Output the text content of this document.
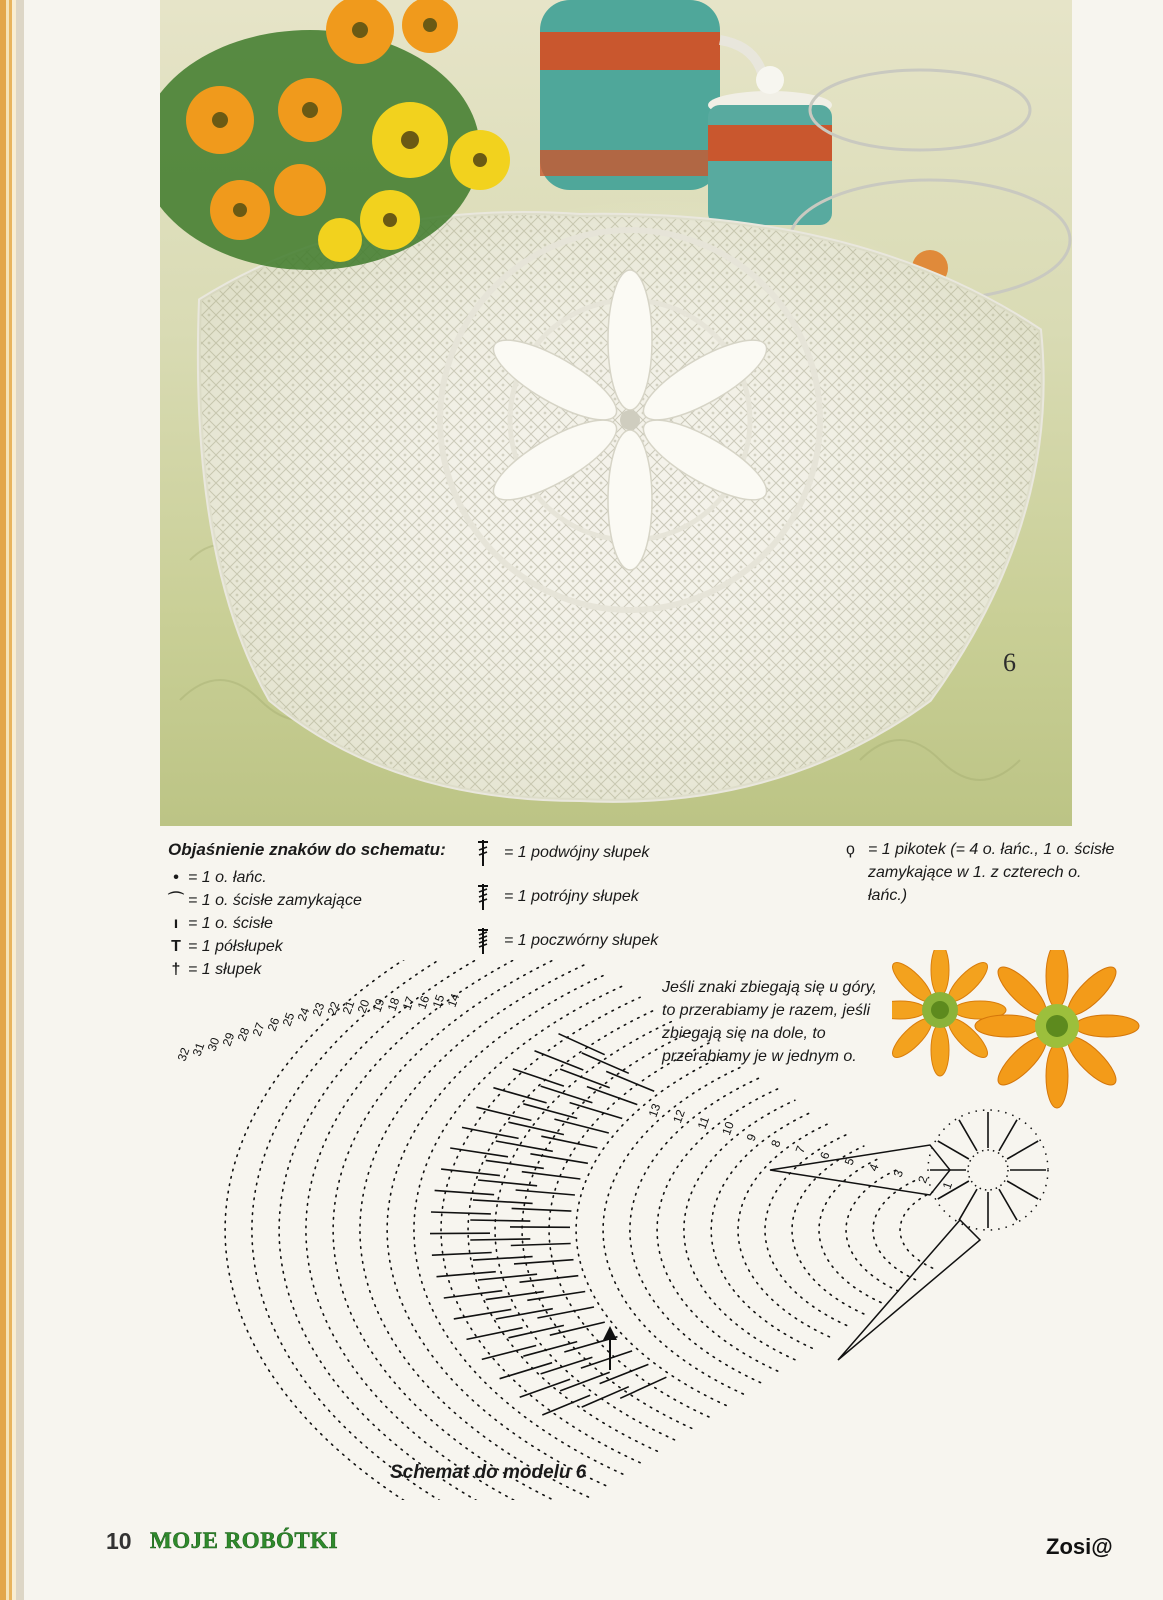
6
Objaśnienie znaków do schematu:
• = 1 o. łańc.
⌒ = 1 o. ścisłe zamykające
ı = 1 o. ścisłe
T = 1 półsłupek
† = 1 słupek
= 1 podwójny słupek
= 1 potrójny słupek
= 1 poczwórny słupek
ϙ = 1 pikotek (= 4 o. łańc., 1 o. ścisłe zamykające w 1. z czterech o. łańc.)
Jeśli znaki zbiegają się u góry, to przerabiamy je razem, jeśli zbiegają się na dole, to przerabiamy je w jednym o.
1
2
3
4
5
6
7
8
9
10
11
12
13
14
15
16
17
18
19
20
21
22
23
24
25
26
27
28
29
30
31
32
Schemat do modelu 6
10 MOJE ROBÓTKI	Zosi@
